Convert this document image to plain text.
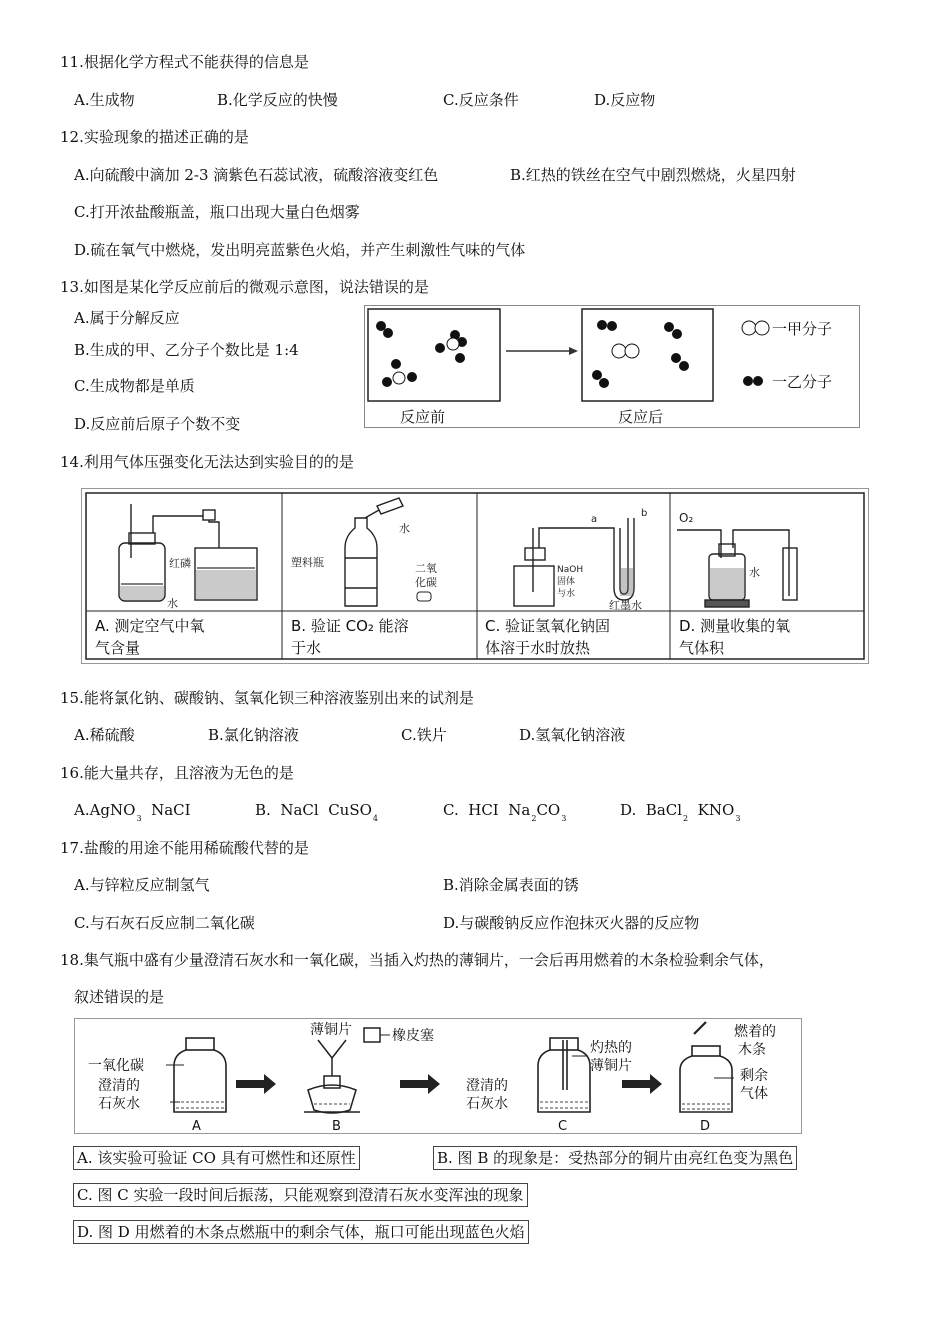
11.根据化学方程式不能获得的信息是
A.生成物	B.化学反应的快慢	C.反应条件	D.反应物
12.实验现象的描述正确的是
A.向硫酸中滴加 2-3 滴紫色石蕊试液，硫酸溶液变红色	B.红热的铁丝在空气中剧烈燃烧，火星四射
C.打开浓盐酸瓶盖，瓶口出现大量白色烟雾
D.硫在氧气中燃烧，发出明亮蓝紫色火焰，并产生刺激性气味的气体
13.如图是某化学反应前后的微观示意图，说法错误的是
A.属于分解反应
B.生成的甲、乙分子个数比是 1:4
C.生成物都是单质
D.反应前后原子个数不变	反应前	反应后
一甲分子
一乙分子
14.利用气体压强变化无法达到实验目的的是
红磷
水
水
塑料瓶	二氧
化碳
a
b
NaOH
固体
与水
红墨水
O₂
水
A. 测定空气中氧
气含量
B. 验证 CO₂ 能溶
于水
C. 验证氢氧化钠固
体溶于水时放热
D. 测量收集的氧
气体积
15.能将氯化钠、碳酸钠、氢氧化钡三种溶液鉴别出来的试剂是
A.稀硫酸	B.氯化钠溶液	C.铁片	D.氢氧化钠溶液
16.能大量共存，且溶液为无色的是
A.AgNO$_3$  NaCI	B.  NaCl  CuSO$_4$	C.  HCI  $Na_2CO_3$	D.  BaCl$_2$  $KNO_3$
17.盐酸的用途不能用稀硫酸代替的是
A.与锌粒反应制氢气	B.消除金属表面的锈
C.与石灰石反应制二氧化碳	D.与碳酸钠反应作泡抹灭火器的反应物
18.集气瓶中盛有少量澄清石灰水和一氧化碳，当插入灼热的薄铜片，一会后再用燃着的木条检验剩余气体，
叙述错误的是
一氧化碳
澄清的
石灰水
A
薄铜片	橡皮塞
B
澄清的
石灰水
灼热的
薄铜片
C
燃着的
木条
剩余
气体
D
A. 该实验可验证 CO 具有可燃性和还原性	B. 图 B 的现象是：受热部分的铜片由亮红色变为黑色
C. 图 C 实验一段时间后振荡，只能观察到澄清石灰水变浑浊的现象
D. 图 D 用燃着的木条点燃瓶中的剩余气体，瓶口可能出现蓝色火焰
